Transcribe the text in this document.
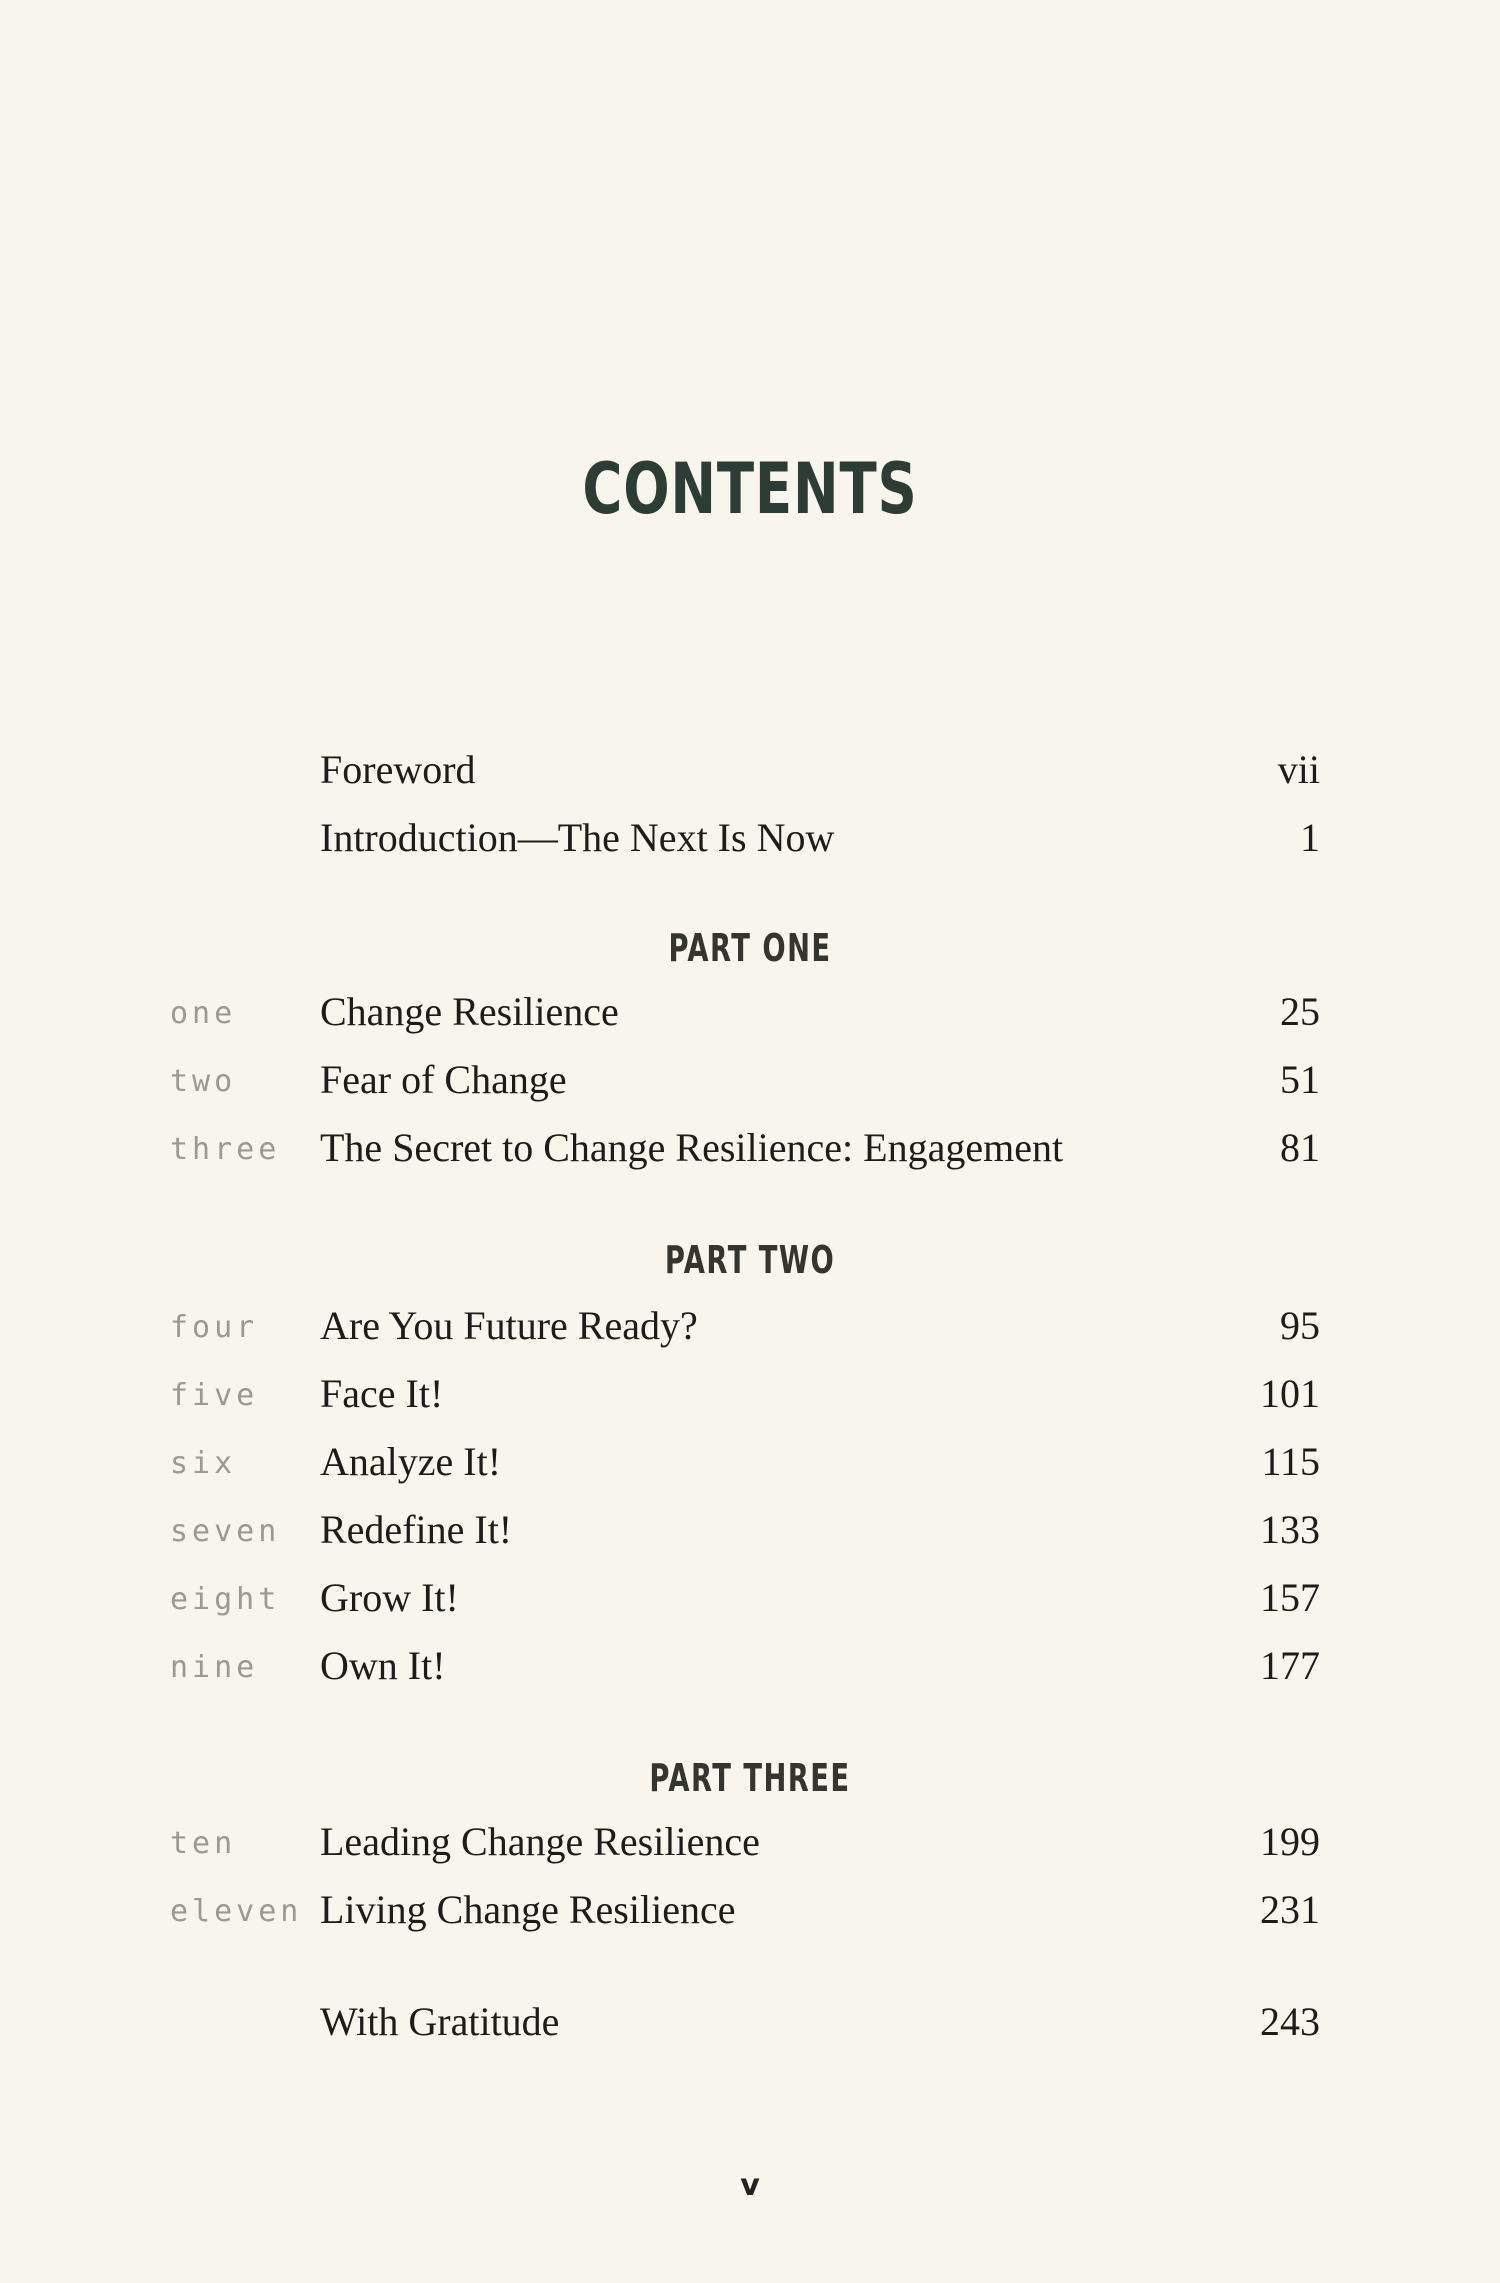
CONTENTS
Foreword	vii
Introduction—The Next Is Now	1
PART ONE
one Change Resilience	25
two Fear of Change	51
three The Secret to Change Resilience: Engagement	81
PART TWO
four Are You Future Ready?	95
five Face It!	101
six Analyze It!	115
seven Redefine It!	133
eight Grow It!	157
nine Own It!	177
PART THREE
ten Leading Change Resilience	199
eleven Living Change Resilience	231
With Gratitude	243
v
